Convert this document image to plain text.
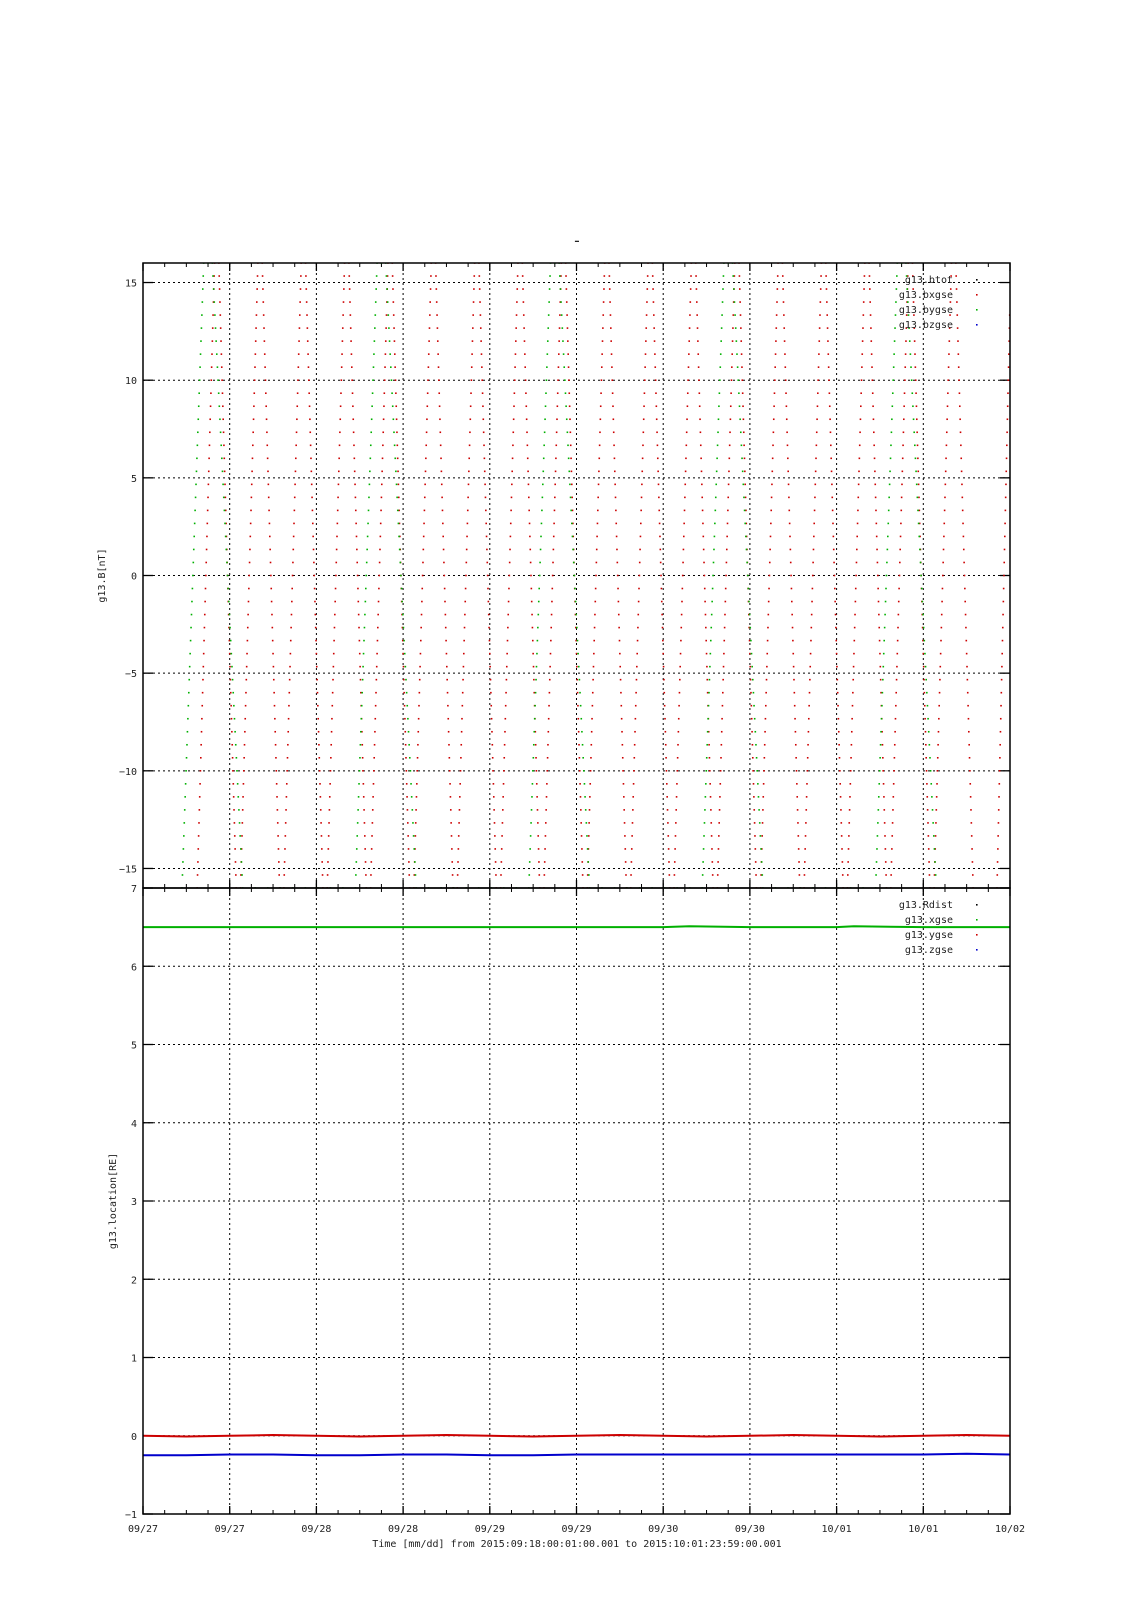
-
−15
−10
−5
0
5
10
15
g13.B[nT]
g13.btot
g13.bxgse
g13.bygse
g13.bzgse
−1
0
1
2
3
4
5
6
7
g13.location[RE]
g13.Rdist
g13.xgse
g13.ygse
g13.zgse
09/27	09/27	09/28	09/28	09/29	09/29	09/30	09/30	10/01	10/01	10/02
Time [mm/dd] from 2015:09:18:00:01:00.001 to 2015:10:01:23:59:00.001
